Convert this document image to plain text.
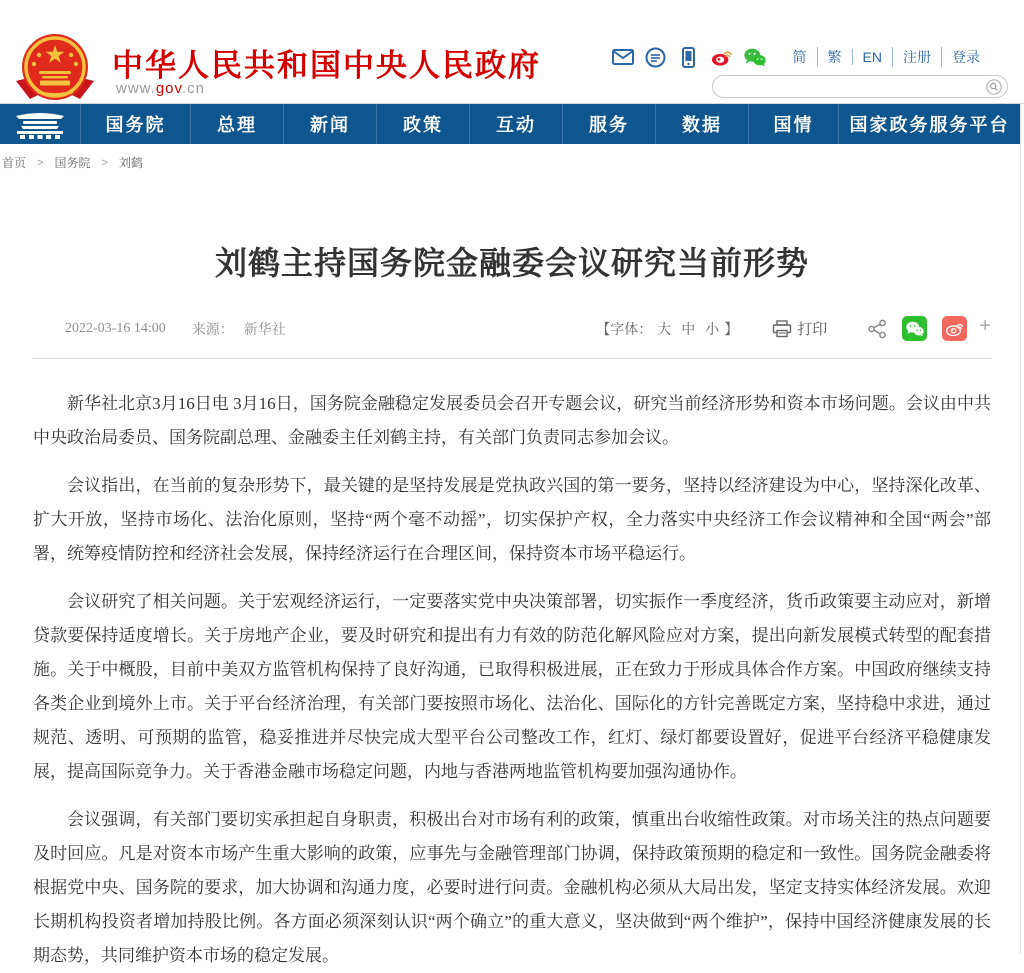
中华人民共和国中央人民政府
www.gov.cn
简	繁	EN	注册	登录
国务院	总理	新闻	政策	互动	服务	数据	国情	国家政务服务平台
首页 > 国务院 > 刘鹤
刘鹤主持国务院金融委会议研究当前形势
2022-03-16 14:00 来源： 新华社	【字体： 大 中 小 】	打印	+

新华社北京3月16日电 3月16日，国务院金融稳定发展委员会召开专题会议，研究当前经济形势和资本市场问题。会议由中共中央政治局委员、国务院副总理、金融委主任刘鹤主持，有关部门负责同志参加会议。

会议指出，在当前的复杂形势下，最关键的是坚持发展是党执政兴国的第一要务，坚持以经济建设为中心，坚持深化改革、扩大开放，坚持市场化、法治化原则，坚持“两个毫不动摇”，切实保护产权，全力落实中央经济工作会议精神和全国“两会”部署，统筹疫情防控和经济社会发展，保持经济运行在合理区间，保持资本市场平稳运行。

会议研究了相关问题。关于宏观经济运行，一定要落实党中央决策部署，切实振作一季度经济，货币政策要主动应对，新增贷款要保持适度增长。关于房地产企业，要及时研究和提出有力有效的防范化解风险应对方案，提出向新发展模式转型的配套措施。关于中概股，目前中美双方监管机构保持了良好沟通，已取得积极进展，正在致力于形成具体合作方案。中国政府继续支持各类企业到境外上市。关于平台经济治理，有关部门要按照市场化、法治化、国际化的方针完善既定方案，坚持稳中求进，通过规范、透明、可预期的监管，稳妥推进并尽快完成大型平台公司整改工作，红灯、绿灯都要设置好，促进平台经济平稳健康发展，提高国际竞争力。关于香港金融市场稳定问题，内地与香港两地监管机构要加强沟通协作。

会议强调，有关部门要切实承担起自身职责，积极出台对市场有利的政策，慎重出台收缩性政策。对市场关注的热点问题要及时回应。凡是对资本市场产生重大影响的政策，应事先与金融管理部门协调，保持政策预期的稳定和一致性。国务院金融委将根据党中央、国务院的要求，加大协调和沟通力度，必要时进行问责。金融机构必须从大局出发，坚定支持实体经济发展。欢迎长期机构投资者增加持股比例。各方面必须深刻认识“两个确立”的重大意义，坚决做到“两个维护”，保持中国经济健康发展的长期态势，共同维护资本市场的稳定发展。
